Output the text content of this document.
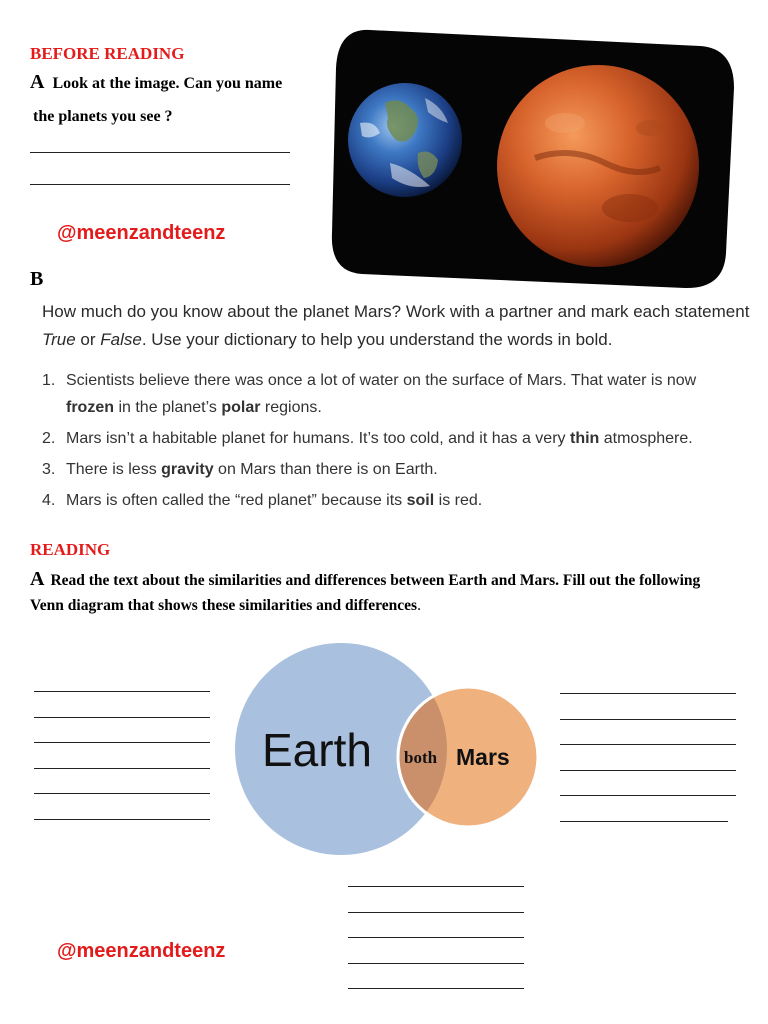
BEFORE READING
A Look at the image. Can you name
the planets you see ?
@meenzandteenz
B
How much do you know about the planet Mars? Work with a partner and mark each statement True or False. Use your dictionary to help you understand the words in bold.
1. Scientists believe there was once a lot of water on the surface of Mars. That water is now frozen in the planet’s polar regions.
2. Mars isn’t a habitable planet for humans. It’s too cold, and it has a very thin atmosphere.
3. There is less gravity on Mars than there is on Earth.
4. Mars is often called the “red planet” because its soil is red.
READING
A Read the text about the similarities and differences between Earth and Mars. Fill out the following Venn diagram that shows these similarities and differences.
Earth both Mars
@meenzandteenz
